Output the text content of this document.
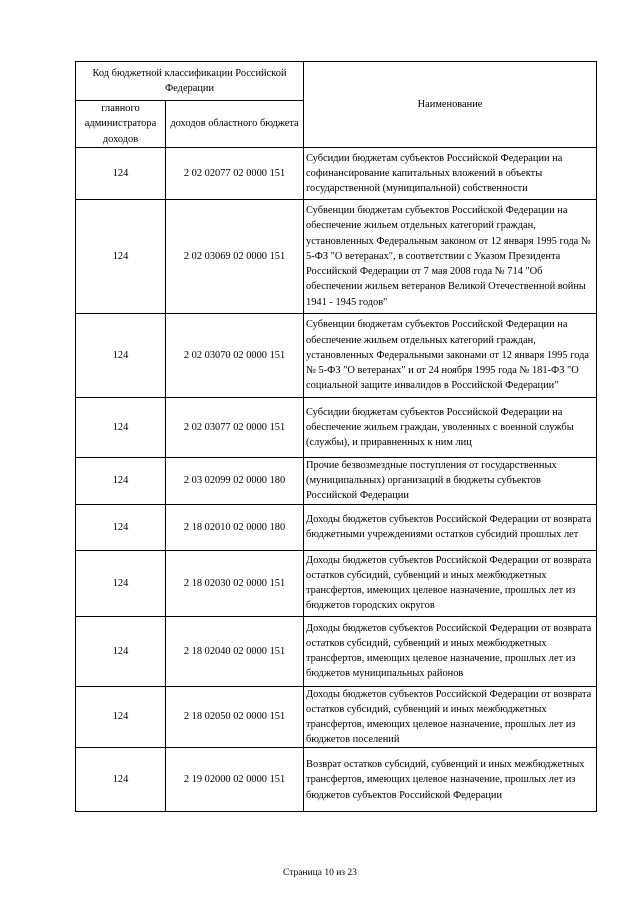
Код бюджетной классификации Российской Федерации		Наименование
главного администратора доходов	доходов областного бюджета	
124	2 02 02077 02 0000 151	Субсидии бюджетам субъектов Российской Федерации на софинансирование капитальных вложений в объекты государственной (муниципальной) собственности
124	2 02 03069 02 0000 151	Субвенции бюджетам субъектов Российской Федерации на обеспечение жильем отдельных категорий граждан, установленных Федеральным законом от 12 января 1995 года № 5-ФЗ "О ветеранах", в соответствии с Указом Президента Российской Федерации от 7 мая 2008 года № 714 "Об обеспечении жильем ветеранов Великой Отечественной войны 1941 - 1945 годов"
124	2 02 03070 02 0000 151	Субвенции бюджетам субъектов Российской Федерации на обеспечение жильем отдельных категорий граждан, установленных Федеральными законами от 12 января 1995 года № 5-ФЗ "О ветеранах" и от 24 ноября 1995 года № 181-ФЗ "О социальной защите инвалидов в Российской Федерации"
124	2 02 03077 02 0000 151	Субсидии бюджетам субъектов Российской Федерации на обеспечение жильем граждан, уволенных с военной службы (службы), и приравненных к ним лиц
124	2 03 02099 02 0000 180	Прочие безвозмездные поступления от государственных (муниципальных) организаций в бюджеты субъектов Российской Федерации
124	2 18 02010 02 0000 180	Доходы бюджетов субъектов Российской Федерации от возврата бюджетными учреждениями остатков субсидий прошлых лет
124	2 18 02030 02 0000 151	Доходы бюджетов субъектов Российской Федерации от возврата остатков субсидий, субвенций и иных межбюджетных трансфертов, имеющих целевое назначение, прошлых лет из бюджетов городских округов
124	2 18 02040 02 0000 151	Доходы бюджетов субъектов Российской Федерации от возврата остатков субсидий, субвенций и иных межбюджетных трансфертов, имеющих целевое назначение, прошлых лет из бюджетов муниципальных районов
124	2 18 02050 02 0000 151	Доходы бюджетов субъектов Российской Федерации от возврата остатков субсидий, субвенций и иных межбюджетных трансфертов, имеющих целевое назначение, прошлых лет из бюджетов поселений
124	2 19 02000 02 0000 151	Возврат остатков субсидий, субвенций и иных межбюджетных трансфертов, имеющих целевое назначение, прошлых лет из бюджетов субъектов Российской Федерации
Страница 10 из 23
